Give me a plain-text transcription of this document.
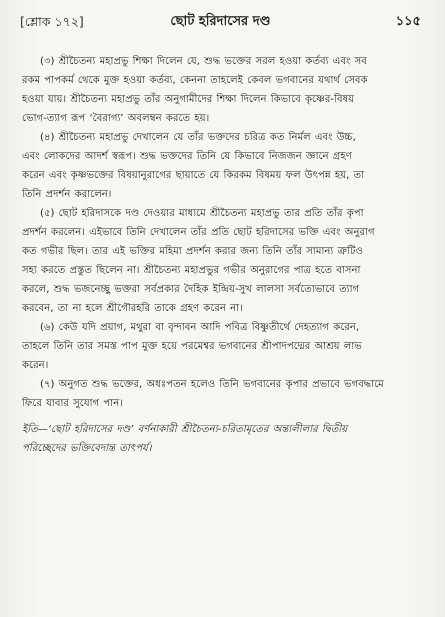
[শ্লোক ১৭২]	ছোট হরিদাসের দণ্ড	১১৫

(৩) শ্রীচৈতন্য মহাপ্রভু শিক্ষা দিলেন যে, শুদ্ধ ভক্তের সরল হওয়া কর্তব্য এবং সব
রকম পাপকর্ম থেকে মুক্ত হওয়া কর্তব্য, কেননা তাহলেই কেবল ভগবানের যথার্থ সেবক
হওয়া যায়। শ্রীচৈতন্য মহাপ্রভু তাঁর অনুগামীদের শিক্ষা দিলেন কিভাবে কৃষ্ণের-বিষয়
ভোগ-ত্যাগ রূপ ‘বৈরাগ্য’ অবলম্বন করতে হয়।

(৪) শ্রীচৈতন্য মহাপ্রভু দেখালেন যে তাঁর ভক্তদের চরিত্র কত নির্মল এবং উচ্চ,
এবং লোকদের আদর্শ স্বরূপ। শুদ্ধ ভক্তদের তিনি যে কিভাবে নিজজন জ্ঞানে গ্রহণ
করেন এবং কৃষ্ণভক্তের বিষয়ানুরাগের ছায়াতে যে কিরকম বিষময় ফল উৎপন্ন হয়, তা
তিনি প্রদর্শন করালেন।

(৫) ছোট হরিদাসকে দণ্ড দেওয়ার মাধ্যমে শ্রীচৈতন্য মহাপ্রভু তার প্রতি তাঁর কৃপা
প্রদর্শন করলেন। এইভাবে তিনি দেখালেন তাঁর প্রতি ছোট হরিদাসের ভক্তি এবং অনুরাগ
কত গভীর ছিল। তার এই ভক্তির মহিমা প্রদর্শন করার জন্য তিনি তাঁর সামান্য ত্রুটিও
সহ্য করতে প্রস্তুত ছিলেন না। শ্রীচৈতন্য মহাপ্রভুর গভীর অনুরাগের পাত্র হতে বাসনা
করলে, শুদ্ধ ভজনেচ্ছু ভক্তরা সর্বপ্রকার দৈহিক ইন্দ্রিয়-সুখ লালসা সর্বতোভাবে ত্যাগ
করবেন, তা না হলে শ্রীগৌরহরি তাকে গ্রহণ করেন না।

(৬) কেউ যদি প্রয়াগ, মথুরা বা বৃন্দাবন আদি পবিত্র বিষ্ণুতীর্থে দেহত্যাগ করেন,
তাহলে তিনি তার সমস্ত পাপ মুক্ত হয়ে পরমেশ্বর ভগবানের শ্রীপাদপদ্মের আশ্রয় লাভ
করেন।

(৭) অনুগত শুদ্ধ ভক্তের, অধঃপতন হলেও তিনি ভগবানের কৃপার প্রভাবে ভগবদ্ধামে
ফিরে যাবার সুযোগ পান।

ইতি—‘ছোট হরিদাসের দণ্ড’ বর্ণনাকারী শ্রীচৈতন্য-চরিতামৃতের অন্ত্যলীলার দ্বিতীয়
পরিচ্ছেদের ভক্তিবেদান্ত তাৎপর্য।
